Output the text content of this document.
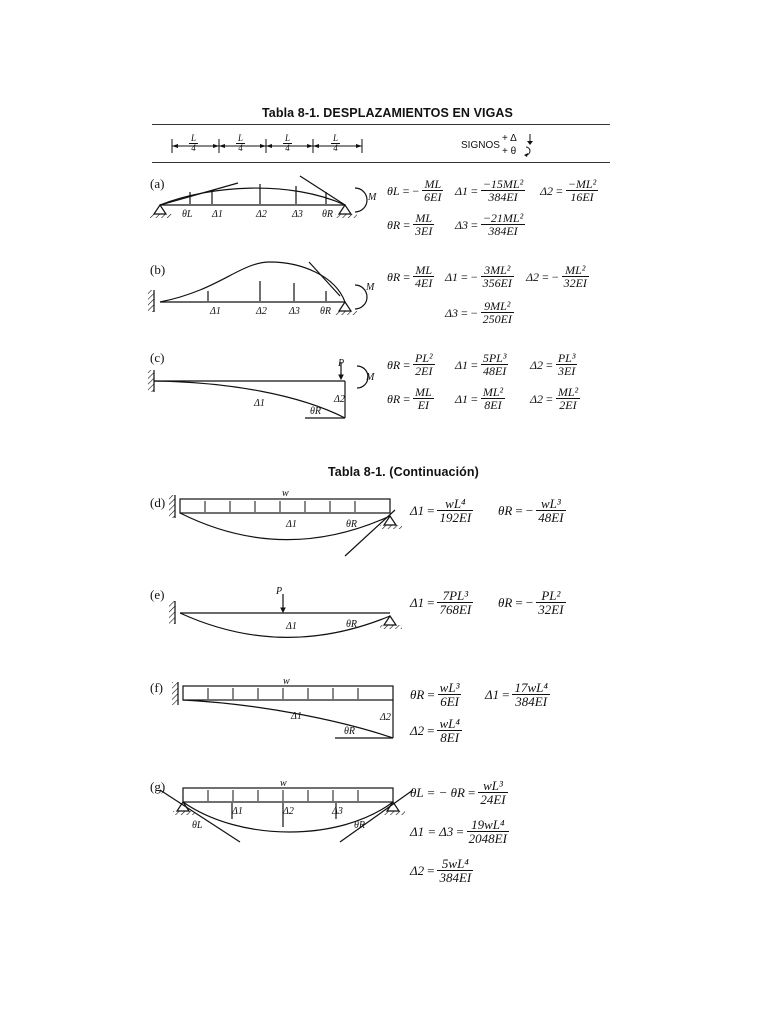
Tabla 8-1. DESPLAZAMIENTOS EN VIGAS
$\frac{L}{4}$	$\frac{L}{4}$	$\frac{L}{4}$	$\frac{L}{4}$	SIGNOS
+ Δ
+ θ
θL Δ1	Δ2	Δ3 θR
M
Δ1	Δ2 Δ3 θR
M
P
M
Δ1	Δ2
θR
w
Δ1	θR
P
Δ1	θR
w
Δ1	Δ2
θR
w
Δ1	Δ2	Δ3
θL	θR
(a)
(b)
(c)
Tabla 8-1. (Continuación)
(d)
(e)
(f)
(g)
θL = − $\frac{ML}{6EI} \Delta 1 = \frac{\text{−15ML²}}{384EI} \Delta 2 = \frac{\text{−ML²}}{16EI}$
$\theta R = \frac{ML}{3EI} \Delta 3 = \frac{\text{−21ML²}}{384EI}$
$\theta R = \frac{ML}{4EI} \Delta 1$ = − $\frac{\text{3ML²}}{356EI} \Delta 2$ = − $\frac{\text{ML²}}{32EI}$
Δ3 = − $\frac{\text{9ML²}}{250EI}$
$\theta R = \frac{\text{PL²}}{2EI} \Delta 1 = \frac{\text{5PL³}}{48EI} \Delta 2 = \frac{\text{PL³}}{3EI}$
$\theta R = \frac{ML}{EI} \Delta 1 = \frac{\text{ML²}}{8EI} \Delta 2 = \frac{\text{ML²}}{2EI}$
$\Delta 1 = \frac{\text{wL⁴}}{192EI}$ θR = − $\frac{\text{wL³}}{48EI}$
$\Delta 1 = \frac{\text{7PL³}}{768EI}$ θR = − $\frac{\text{PL²}}{32EI}$
$\theta R = \frac{\text{wL³}}{6EI} \Delta 1 = \frac{\text{17wL⁴}}{384EI}$
$\Delta 2 = \frac{\text{wL⁴}}{8EI}$
θL = − $\theta R = \frac{\text{wL³}}{24EI}$
$\Delta 1 = \Delta 3 = \frac{\text{19wL⁴}}{2048EI}$
$\Delta 2 = \frac{\text{5wL⁴}}{384EI}$
